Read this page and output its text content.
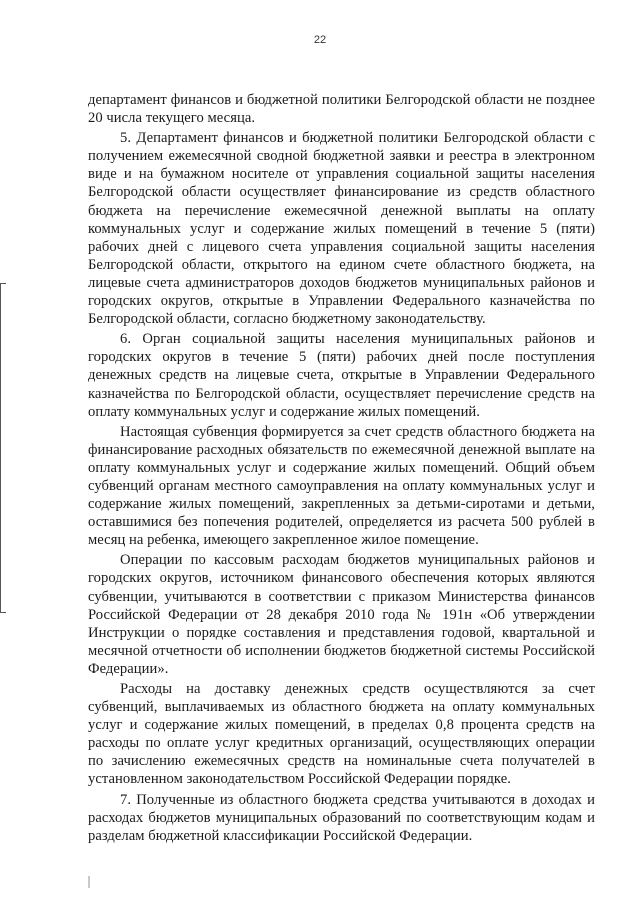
22

департамент финансов и бюджетной политики Белгородской области не позднее 20 числа текущего месяца.

5. Департамент финансов и бюджетной политики Белгородской области с получением ежемесячной сводной бюджетной заявки и реестра в электронном виде и на бумажном носителе от управления социальной защиты населения Белгородской области осуществляет финансирование из средств областного бюджета на перечисление ежемесячной денежной выплаты на оплату коммунальных услуг и содержание жилых помещений в течение 5 (пяти) рабочих дней с лицевого счета управления социальной защиты населения Белгородской области, открытого на едином счете областного бюджета, на лицевые счета администраторов доходов бюджетов муниципальных районов и городских округов, открытые в Управлении Федерального казначейства по Белгородской области, согласно бюджетному законодательству.

6. Орган социальной защиты населения муниципальных районов и городских округов в течение 5 (пяти) рабочих дней после поступления денежных средств на лицевые счета, открытые в Управлении Федерального казначейства по Белгородской области, осуществляет перечисление средств на оплату коммунальных услуг и содержание жилых помещений.

Настоящая субвенция формируется за счет средств областного бюджета на финансирование расходных обязательств по ежемесячной денежной выплате на оплату коммунальных услуг и содержание жилых помещений. Общий объем субвенций органам местного самоуправления на оплату коммунальных услуг и содержание жилых помещений, закрепленных за детьми-сиротами и детьми, оставшимися без попечения родителей, определяется из расчета 500 рублей в месяц на ребенка, имеющего закрепленное жилое помещение.

Операции по кассовым расходам бюджетов муниципальных районов и городских округов, источником финансового обеспечения которых являются субвенции, учитываются в соответствии с приказом Министерства финансов Российской Федерации от 28 декабря 2010 года № 191н «Об утверждении Инструкции о порядке составления и представления годовой, квартальной и месячной отчетности об исполнении бюджетов бюджетной системы Российской Федерации».

Расходы на доставку денежных средств осуществляются за счет субвенций, выплачиваемых из областного бюджета на оплату коммунальных услуг и содержание жилых помещений, в пределах 0,8 процента средств на расходы по оплате услуг кредитных организаций, осуществляющих операции по зачислению ежемесячных средств на номинальные счета получателей в установленном законодательством Российской Федерации порядке.

7. Полученные из областного бюджета средства учитываются в доходах и расходах бюджетов муниципальных образований по соответствующим кодам и разделам бюджетной классификации Российской Федерации.
